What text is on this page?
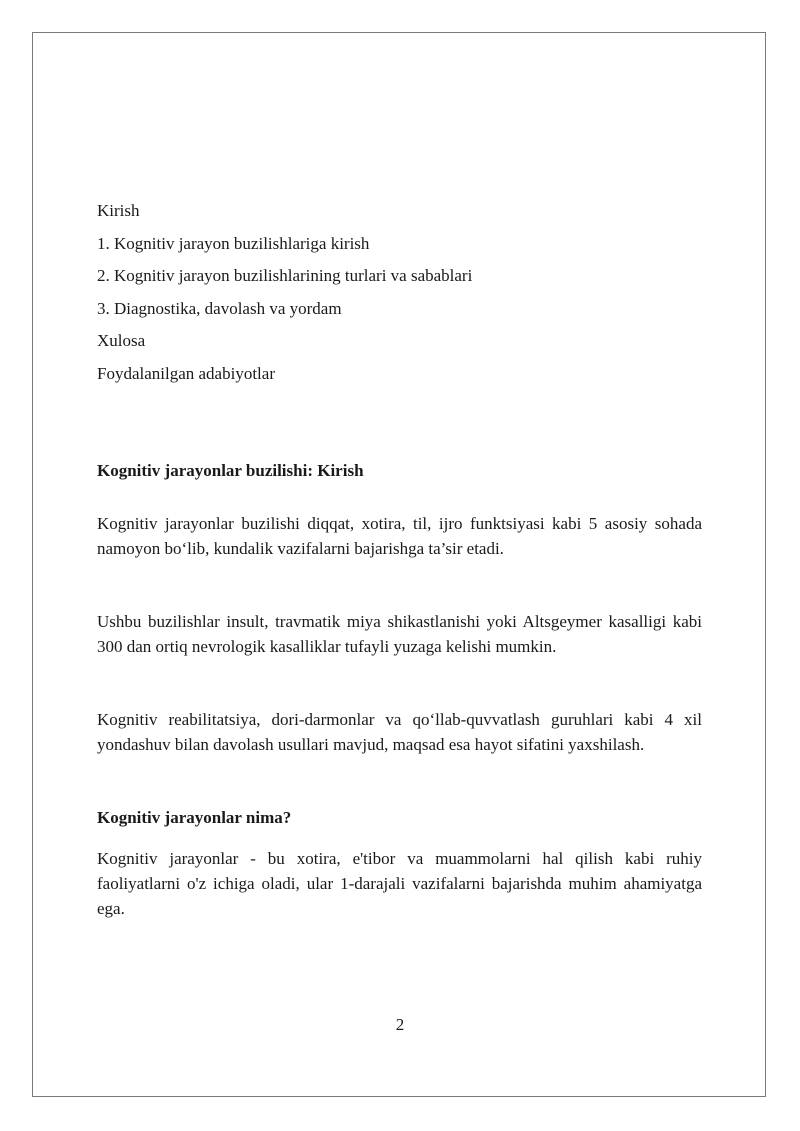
Kirish
1. Kognitiv jarayon buzilishlariga kirish
2. Kognitiv jarayon buzilishlarining turlari va sabablari
3. Diagnostika, davolash va yordam
Xulosa
Foydalanilgan adabiyotlar
Kognitiv jarayonlar buzilishi: Kirish

Kognitiv jarayonlar buzilishi diqqat, xotira, til, ijro funktsiyasi kabi 5 asosiy sohada namoyon bo‘lib, kundalik vazifalarni bajarishga ta’sir etadi.

Ushbu buzilishlar insult, travmatik miya shikastlanishi yoki Altsgeymer kasalligi kabi 300 dan ortiq nevrologik kasalliklar tufayli yuzaga kelishi mumkin.

Kognitiv reabilitatsiya, dori-darmonlar va qo‘llab-quvvatlash guruhlari kabi 4 xil yondashuv bilan davolash usullari mavjud, maqsad esa hayot sifatini yaxshilash.

Kognitiv jarayonlar nima?

Kognitiv jarayonlar - bu xotira, e'tibor va muammolarni hal qilish kabi ruhiy faoliyatlarni o'z ichiga oladi, ular 1-darajali vazifalarni bajarishda muhim ahamiyatga ega.

2
